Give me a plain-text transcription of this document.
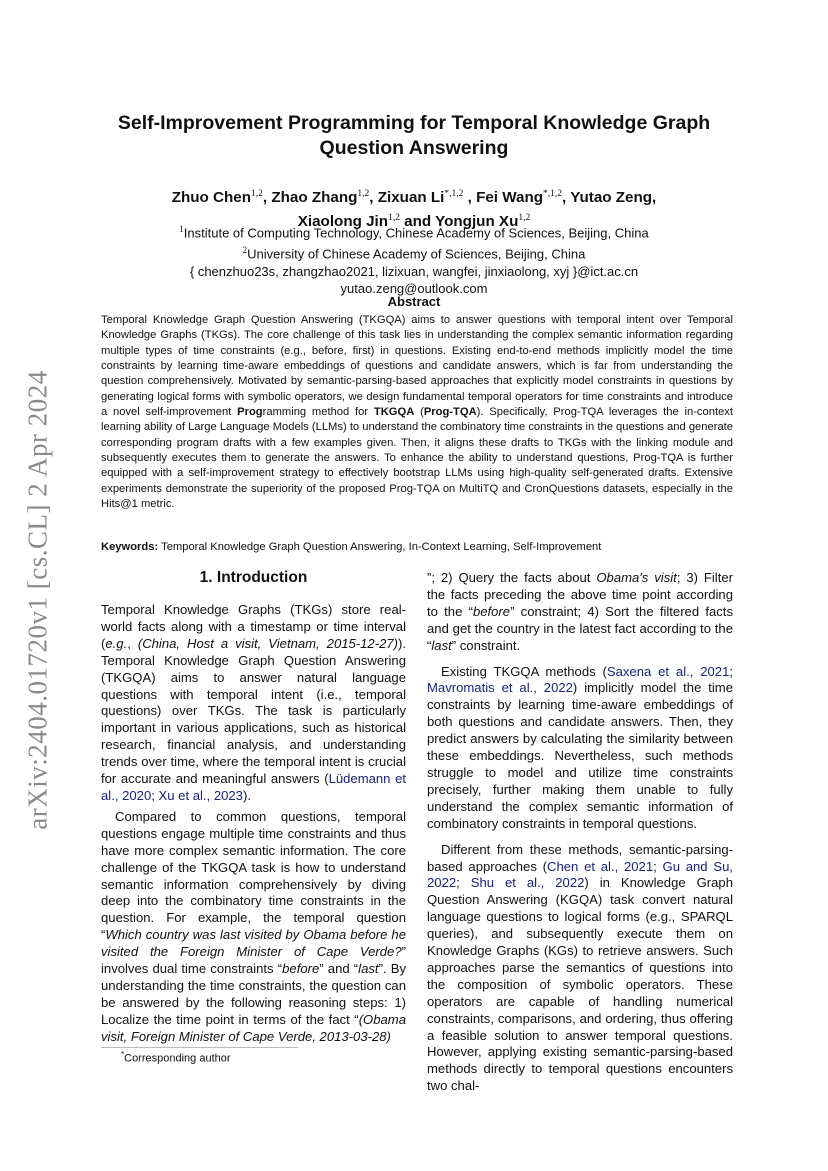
arXiv:2404.01720v1 [cs.CL] 2 Apr 2024
Self-Improvement Programming for Temporal Knowledge Graph
Question Answering
Zhuo Chen$^{1,2}$, Zhao Zhang$^{1,2}$, Zixuan $Li^{*,1,2}$ , Fei Wang$^{*,1,2}$, Yutao Zeng,
Xiaolong Jin$^{1,2}$ and Yongjun Xu$^{1,2}$
$^1$Institute of Computing Technology, Chinese Academy of Sciences, Beijing, China
$^2$University of Chinese Academy of Sciences, Beijing, China
{ chenzhuo23s, zhangzhao2021, lizixuan, wangfei, jinxiaolong, xyj }@ict.ac.cn
yutao.zeng@outlook.com
Abstract
Temporal Knowledge Graph Question Answering (TKGQA) aims to answer questions with temporal intent over Temporal Knowledge Graphs (TKGs). The core challenge of this task lies in understanding the complex semantic information regarding multiple types of time constraints (e.g., before, first) in questions. Existing end-to-end methods implicitly model the time constraints by learning time-aware embeddings of questions and candidate answers, which is far from understanding the question comprehensively. Motivated by semantic-parsing-based approaches that explicitly model constraints in questions by generating logical forms with symbolic operators, we design fundamental temporal operators for time constraints and introduce a novel self-improvement Programming method for TKGQA (Prog-TQA). Specifically, Prog-TQA leverages the in-context learning ability of Large Language Models (LLMs) to understand the combinatory time constraints in the questions and generate corresponding program drafts with a few examples given. Then, it aligns these drafts to TKGs with the linking module and subsequently executes them to generate the answers. To enhance the ability to understand questions, Prog-TQA is further equipped with a self-improvement strategy to effectively bootstrap LLMs using high-quality self-generated drafts. Extensive experiments demonstrate the superiority of the proposed Prog-TQA on MultiTQ and CronQuestions datasets, especially in the Hits@1 metric.
Keywords: Temporal Knowledge Graph Question Answering, In-Context Learning, Self-Improvement
1. Introduction

Temporal Knowledge Graphs (TKGs) store real-world facts along with a timestamp or time interval (e.g., (China, Host a visit, Vietnam, 2015-12-27)). Temporal Knowledge Graph Question Answering (TKGQA) aims to answer natural language questions with temporal intent (i.e., temporal questions) over TKGs. The task is particularly important in various applications, such as historical research, financial analysis, and understanding trends over time, where the temporal intent is crucial for accurate and meaningful answers (Lüdemann et al., 2020; Xu et al., 2023).

Compared to common questions, temporal questions engage multiple time constraints and thus have more complex semantic information. The core challenge of the TKGQA task is how to understand semantic information comprehensively by diving deep into the combinatory time constraints in the question. For example, the temporal question “Which country was last visited by Obama before he visited the Foreign Minister of Cape Verde?” involves dual time constraints “before” and “last”. By understanding the time constraints, the question can be answered by the following reasoning steps: 1) Localize the time point in terms of the fact “(Obama visit, Foreign Minister of Cape Verde, 2013-03-28)

”; 2) Query the facts about Obama's visit; 3) Filter the facts preceding the above time point according to the “before” constraint; 4) Sort the filtered facts and get the country in the latest fact according to the “last” constraint.

Existing TKGQA methods (Saxena et al., 2021; Mavromatis et al., 2022) implicitly model the time constraints by learning time-aware embeddings of both questions and candidate answers. Then, they predict answers by calculating the similarity between these embeddings. Nevertheless, such methods struggle to model and utilize time constraints precisely, further making them unable to fully understand the complex semantic information of combinatory constraints in temporal questions.

Different from these methods, semantic-parsing-based approaches (Chen et al., 2021; Gu and Su, 2022; Shu et al., 2022) in Knowledge Graph Question Answering (KGQA) task convert natural language questions to logical forms (e.g., SPARQL queries), and subsequently execute them on Knowledge Graphs (KGs) to retrieve answers. Such approaches parse the semantics of questions into the composition of symbolic operators. These operators are capable of handling numerical constraints, comparisons, and ordering, thus offering a feasible solution to answer temporal questions. However, applying existing semantic-parsing-based methods directly to temporal questions encounters two chal-

*Corresponding author
